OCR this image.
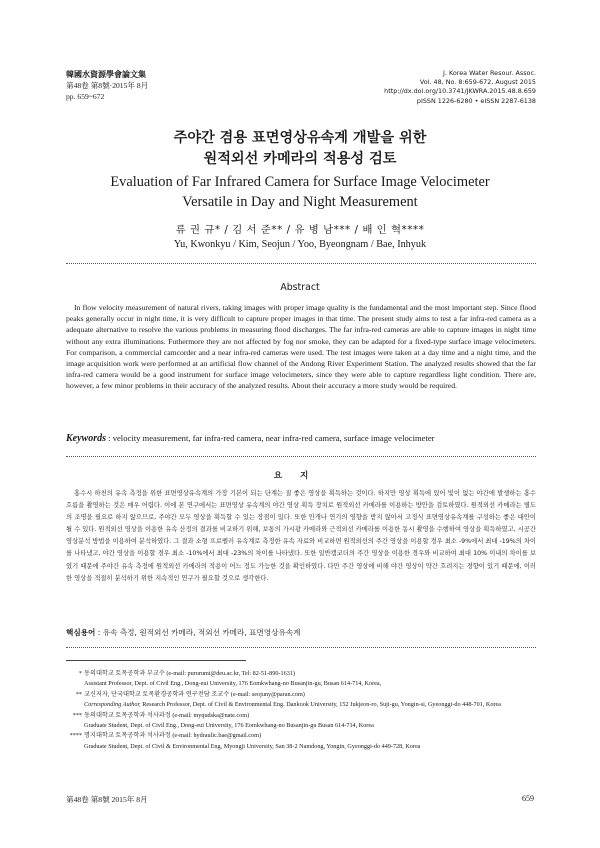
韓國水資源學會論文集
第48卷 第8號·2015年 8月
pp. 659~672
J. Korea Water Resour. Assoc.
Vol. 48, No. 8:659-672, August 2015
http://dx.doi.org/10.3741/JKWRA.2015.48.8.659
pISSN 1226-6280 • eISSN 2287-6138
주야간 겸용 표면영상유속계 개발을 위한
원적외선 카메라의 적용성 검토
Evaluation of Far Infrared Camera for Surface Image Velocimeter
Versatile in Day and Night Measurement
류 권 규* / 김 서 준** / 유 병 남*** / 배 인 혁****
Yu, Kwonkyu / Kim, Seojun / Yoo, Byeongnam / Bae, Inhyuk
Abstract
In flow velocity measurement of natural rivers, taking images with proper image quality is the fundamental and the most important step. Since flood peaks generally occur in night time, it is very difficult to capture proper images in that time. The present study aims to test a far infra-red camera as a adequate alternative to resolve the various problems in measuring flood discharges. The far infra-red cameras are able to capture images in night time without any extra illuminations. Futhermore they are not affected by fog nor smoke, they can be adapted for a fixed-type surface image velocimeters. For comparison, a commercial camcorder and a near infra-red cameras were used. The test images were taken at a day time and a night time, and the image acquisition work were performed at an artificial flow channel of the Andong River Experiment Station. The analyzed results showed that the far infra-red camera would be a good instrument for surface image velocimeters, since they were able to capture regardless light condition. There are, however, a few minor problems in their accuracy of the analyzed results. About their accuracy a more study would be required.
Keywords : velocity measurement, far infra-red camera, near infra-red camera, surface image velocimeter
요지
홍수시 하천의 유속 측정을 위한 표면영상유속계의 가장 기본이 되는 단계는 질 좋은 영상을 획득하는 것이다. 하지만 영상 획득에 있어 빛이 없는 야간에 발생하는 홍수 흐름을 촬영하는 것은 매우 어렵다. 이에 본 연구에서는 표면영상 유속계의 야간 영상 획득 장치로 원적외선 카메라를 이용하는 방안을 검토하였다. 원적외선 카메라는 별도의 조명을 필요로 하지 않으므로, 주야간 모두 영상을 획득할 수 있는 장점이 있다. 또한 안개나 연기의 영향을 받지 않아서 고정식 표면영상유속계를 구성하는 좋은 대안이 될 수 있다. 원적외선 영상을 이용한 유속 산정의 결과를 비교하기 위해, 보통의 가시광 카메라와 근적외선 카메라를 이용한 동시 촬영을 수행하여 영상을 획득하였고, 시공간 영상분석 방법을 이용하여 분석하였다. 그 결과 소형 프로펠러 유속계로 측정한 유속 자료와 비교하면 원적외선의 주간 영상을 이용할 경우 최소 -9%에서 최대 -19%의 차이를 나타냈고, 야간 영상을 이용할 경우 최소 -10%에서 최대 -23%의 차이를 나타냈다. 또한 일반캠코더의 주간 영상을 이용한 경우와 비교하여 최대 10% 이내의 차이를 보였기 때문에 주야간 유속 측정에 원적외선 카메라의 적용이 어느 정도 가능한 것을 확인하였다. 다만 주간 영상에 비해 야간 영상이 약간 흐려지는 경향이 있기 때문에, 이러한 영상을 적절히 분석하기 위한 지속적인 연구가 필요할 것으로 생각한다.
핵심용어 : 유속 측정, 원적외선 카메라, 적외선 카메라, 표면영상유속계

* 동의대학교 토목공학과 부교수 (e-mail: pururumi@deu.ac.kr, Tel: 82-51-890-1631)
Assistant Professor, Dept. of Civil Eng., Dong-eui University, 176 Eomkwhang-no Busanjin-gu, Busan 614-714, Korea,

** 교신저자, 단국대학교 토목환경공학과 연구전담 조교수 (e-mail: seojuny@paran.com)
Corresponding Author, Research Professor, Dept. of Civil & Environmental Eng. Dankook University, 152 Jukjeon-ro, Suji-gu, Yongin-si, Gyeonggi-do 448-701, Korea

*** 동의대학교 토목공학과 석사과정 (e-mail: myqudska@nate.com)
Graduate Student, Dept. of Civil Eng., Dong-eui University, 176 Eomkwhang-no Busanjin-gu Busan 614-714, Korea

**** 명지대학교 토목공학과 석사과정 (e-mail: hydraulic.bae@gmail.com)
Graduate Student, Dept. of Civil & Environmental Eng, Myongji University, San 38-2 Namdong, Yongin, Gyeonggi-do 449-728, Korea

第48卷 第8號 2015年 8月	659
